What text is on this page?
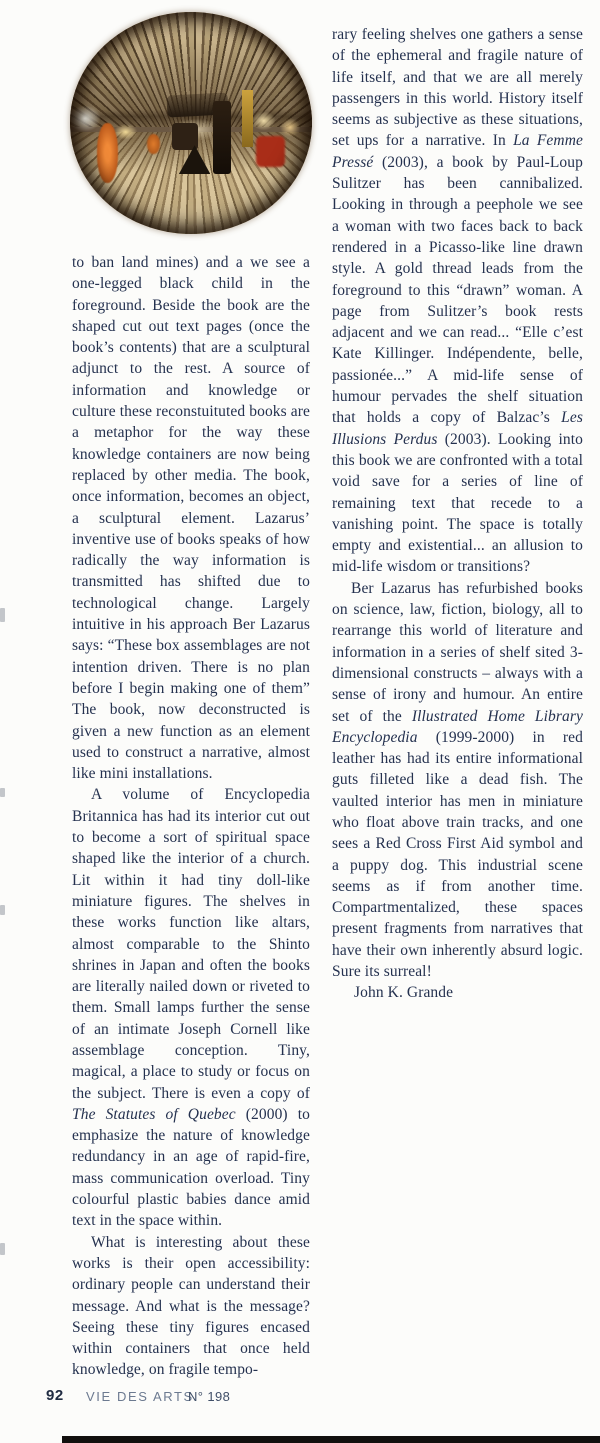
to ban land mines) and a we see a one-legged black child in the foreground. Beside the book are the shaped cut out text pages (once the book’s contents) that are a sculptural adjunct to the rest. A source of information and knowledge or culture these reconstuituted books are a metaphor for the way these knowledge containers are now being replaced by other media. The book, once information, becomes an object, a sculptural element. Lazarus’ inventive use of books speaks of how radically the way information is transmitted has shifted due to technological change. Largely intuitive in his approach Ber Lazarus says: “These box assemblages are not intention driven. There is no plan before I begin making one of them” The book, now deconstructed is given a new function as an element used to construct a narrative, almost like mini installations.

A volume of Encyclopedia Britannica has had its interior cut out to become a sort of spiritual space shaped like the interior of a church. Lit within it had tiny doll-like miniature figures. The shelves in these works function like altars, almost comparable to the Shinto shrines in Japan and often the books are literally nailed down or riveted to them. Small lamps further the sense of an intimate Joseph Cornell like assemblage conception. Tiny, magical, a place to study or focus on the subject. There is even a copy of The Statutes of Quebec (2000) to emphasize the nature of knowledge redundancy in an age of rapid-fire, mass communication overload. Tiny colourful plastic babies dance amid text in the space within.

What is interesting about these works is their open accessibility: ordinary people can understand their message. And what is the message? Seeing these tiny figures encased within containers that once held knowledge, on fragile tempo-

rary feeling shelves one gathers a sense of the ephemeral and fragile nature of life itself, and that we are all merely passengers in this world. History itself seems as subjective as these situations, set ups for a narrative. In La Femme Pressé (2003), a book by Paul-Loup Sulitzer has been cannibalized. Looking in through a peephole we see a woman with two faces back to back rendered in a Picasso-like line drawn style. A gold thread leads from the foreground to this “drawn” woman. A page from Sulitzer’s book rests adjacent and we can read... “Elle c’est Kate Killinger. Indépendente, belle, passionée...” A mid-life sense of humour pervades the shelf situation that holds a copy of Balzac’s Les Illusions Perdus (2003). Looking into this book we are confronted with a total void save for a series of line of remaining text that recede to a vanishing point. The space is totally empty and existential... an allusion to mid-life wisdom or transitions?

Ber Lazarus has refurbished books on science, law, fiction, biology, all to rearrange this world of literature and information in a series of shelf sited 3-dimensional constructs – always with a sense of irony and humour. An entire set of the Illustrated Home Library Encyclopedia (1999-2000) in red leather has had its entire informational guts filleted like a dead fish. The vaulted interior has men in miniature who float above train tracks, and one sees a Red Cross First Aid symbol and a puppy dog. This industrial scene seems as if from another time. Compartmentalized, these spaces present fragments from narratives that have their own inherently absurd logic. Sure its surreal!

John K. Grande

92 VIE DES ARTS
N° 198
